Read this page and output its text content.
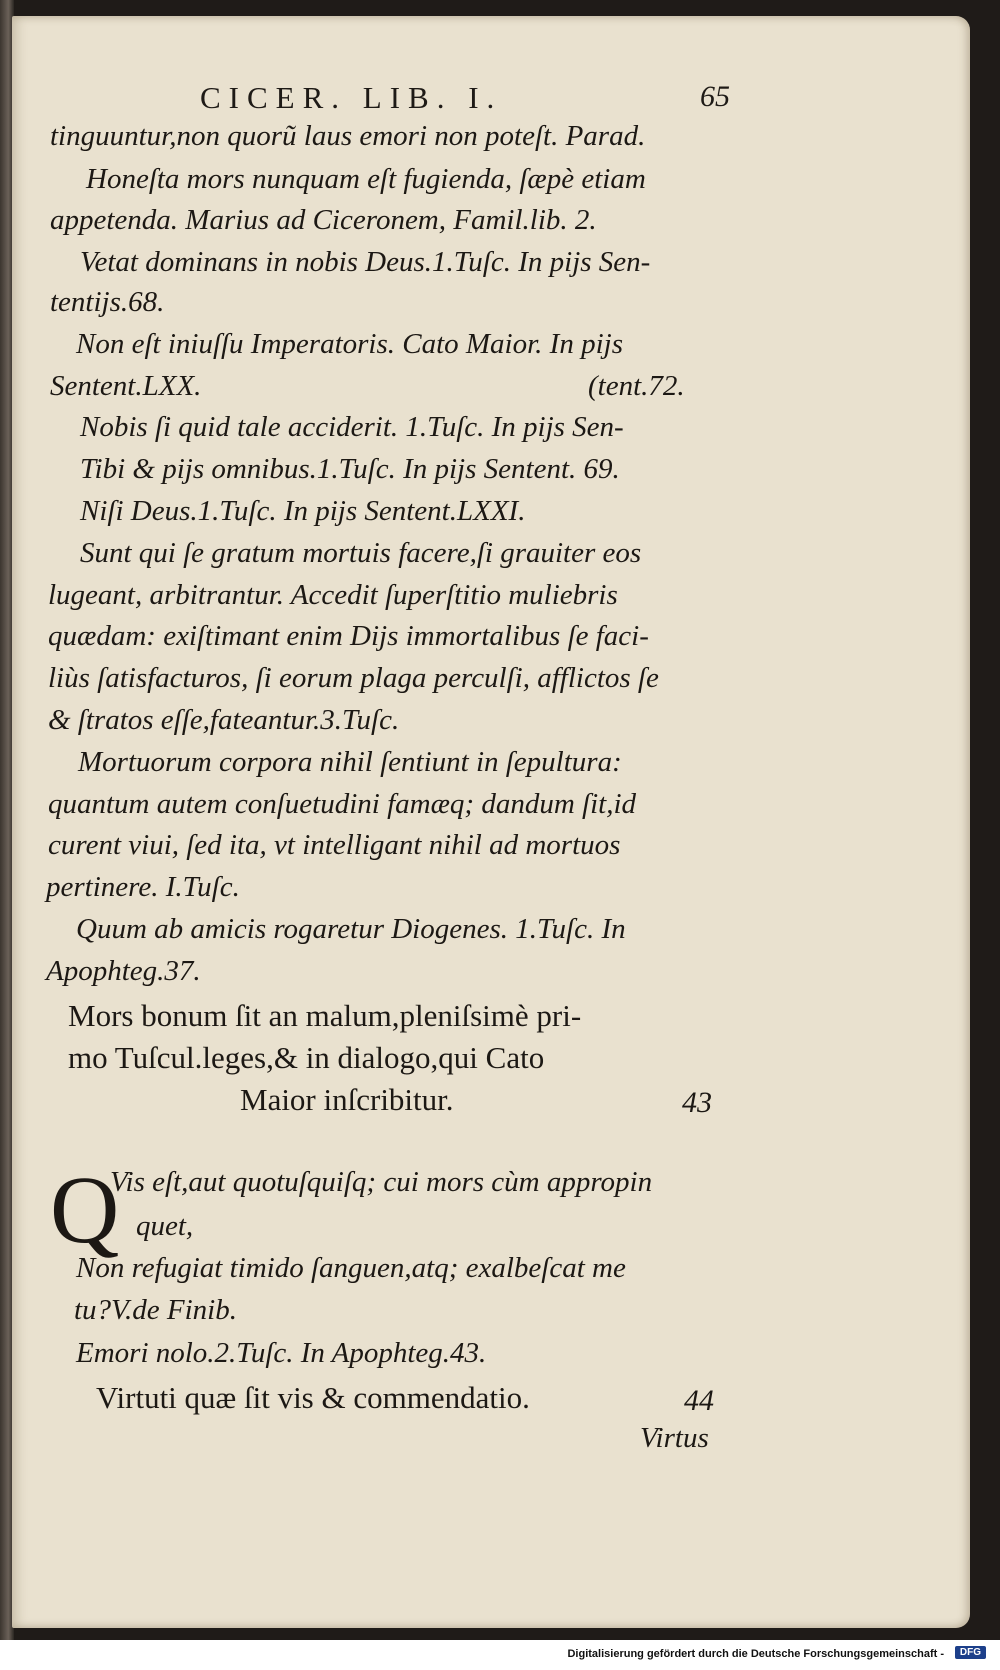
CICER. LIB. I.	65
tinguuntur,non quorũ laus emori non poteſt. Parad.
Honeſta mors nunquam eſt fugienda, ſæpè etiam
appetenda. Marius ad Ciceronem, Famil.lib. 2.
Vetat dominans in nobis Deus.1.Tuſc. In pijs Sen-
tentijs.68.
Non eſt iniuſſu Imperatoris. Cato Maior. In pijs
Sentent.LXX.	(tent.72.
Nobis ſi quid tale acciderit. 1.Tuſc. In pijs Sen-
Tibi & pijs omnibus.1.Tuſc. In pijs Sentent. 69.
Niſi Deus.1.Tuſc. In pijs Sentent.LXXI.
Sunt qui ſe gratum mortuis facere,ſi grauiter eos
lugeant, arbitrantur. Accedit ſuperſtitio muliebris
quædam: exiſtimant enim Dijs immortalibus ſe faci-
liùs ſatisfacturos, ſi eorum plaga perculſi, afflictos ſe
& ſtratos eſſe,fateantur.3.Tuſc.
Mortuorum corpora nihil ſentiunt in ſepultura:
quantum autem conſuetudini famæq; dandum ſit,id
curent viui, ſed ita, vt intelligant nihil ad mortuos
pertinere. I.Tuſc.
Quum ab amicis rogaretur Diogenes. 1.Tuſc. In
Apophteg.37.
Mors bonum ſit an malum,pleniſsimè pri-
mo Tuſcul.leges,& in dialogo,qui Cato
Maior inſcribitur.	43
Q
Vis eſt,aut quotuſquiſq; cui mors cùm appropin
quet,
Non refugiat timido ſanguen,atq; exalbeſcat me
tu?V.de Finib.
Emori nolo.2.Tuſc. In Apophteg.43.
Virtuti quæ ſit vis & commendatio.	44
Virtus
Digitalisierung gefördert durch die Deutsche Forschungsgemeinschaft -	DFG
